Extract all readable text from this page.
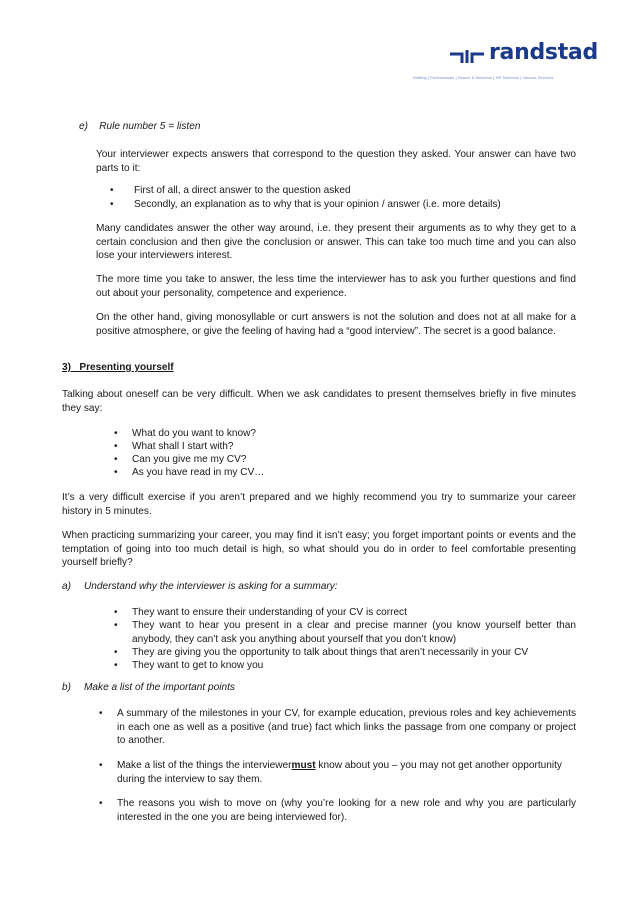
randstad
Staffing | Professionals | Search & Selection | HR Solutions | Inhouse Services
e)    Rule number 5 = listen
Your interviewer expects answers that correspond to the question they asked. Your answer can have two parts to it:
• First of all, a direct answer to the question asked
• Secondly, an explanation as to why that is your opinion / answer (i.e. more details)
Many candidates answer the other way around, i.e. they present their arguments as to why they get to a certain conclusion and then give the conclusion or answer. This can take too much time and you can also lose your interviewers interest.
The more time you take to answer, the less time the interviewer has to ask you further questions and find out about your personality, competence and experience.
On the other hand, giving monosyllable or curt answers is not the solution and does not at all make for a positive atmosphere, or give the feeling of having had a “good interview”. The secret is a good balance.
3)   Presenting yourself
Talking about oneself can be very difficult. When we ask candidates to present themselves briefly in five minutes they say:
• What do you want to know?
• What shall I start with?
• Can you give me my CV?
• As you have read in my CV…
It’s a very difficult exercise if you aren’t prepared and we highly recommend you try to summarize your career history in 5 minutes.
When practicing summarizing your career, you may find it isn’t easy; you forget important points or events and the temptation of going into too much detail is high, so what should you do in order to feel comfortable presenting yourself briefly?
a) Understand why the interviewer is asking for a summary:
• They want to ensure their understanding of your CV is correct
• They want to hear you present in a clear and precise manner (you know yourself better than anybody, they can’t ask you anything about yourself that you don’t know)
• They are giving you the opportunity to talk about things that aren’t necessarily in your CV
• They want to get to know you
b) Make a list of the important points
• A summary of the milestones in your CV, for example education, previous roles and key achievements in each one as well as a positive (and true) fact which links the passage from one company or project to another.
• Make a list of the things the interviewermust know about you – you may not get another opportunity during the interview to say them.
• The reasons you wish to move on (why you’re looking for a new role and why you are particularly interested in the one you are being interviewed for).
